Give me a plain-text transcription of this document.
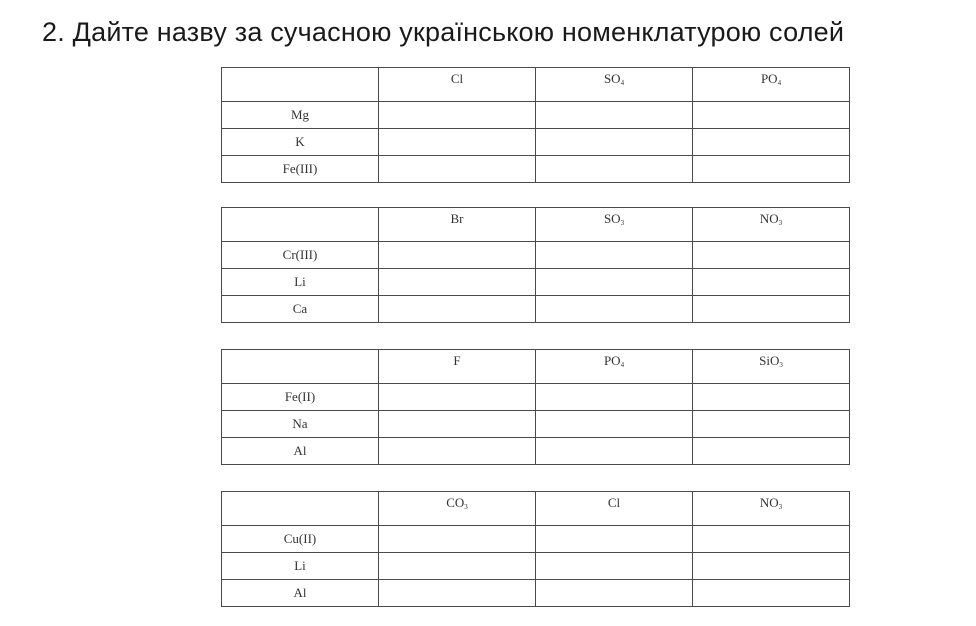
2. Дайте назву за сучасною українською номенклатурою солей
	Cl	$SO_4$	$PO_4$
Mg			
K			
Fe(III)			
	Br	$SO_3$	$NO_3$
Cr(III)			
Li			
Ca			
	F	$PO_4$	SiO$_3$
Fe(II)			
Na			
Al			
	$CO_3$	Cl	$NO_3$
Cu(II)			
Li			
Al			
